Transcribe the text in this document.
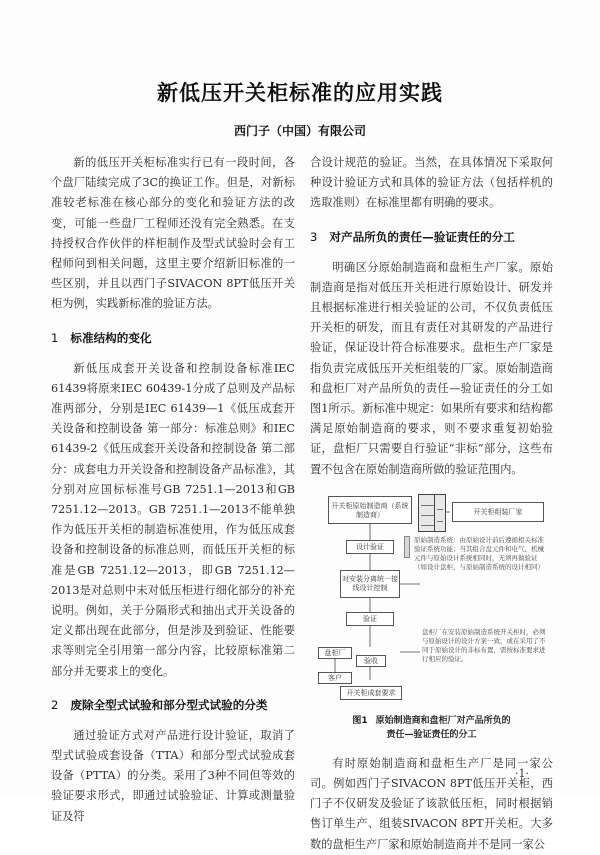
新低压开关柜标准的应用实践
西门子（中国）有限公司

新的低压开关柜标准实行已有一段时间，各个盘厂陆续完成了3C的换证工作。但是，对新标准较老标准在核心部分的变化和验证方法的改变，可能一些盘厂工程师还没有完全熟悉。在支持授权合作伙伴的样柜制作及型式试验时会有工程师问到相关问题，这里主要介绍新旧标准的一些区别，并且以西门子SIVACON 8PT低压开关柜为例，实践新标准的验证方法。

1 标准结构的变化

新低压成套开关设备和控制设备标准IEC 61439将原来IEC 60439-1分成了总则及产品标准两部分，分别是IEC 61439—1《低压成套开关设备和控制设备 第一部分：标准总则》和IEC 61439-2《低压成套开关设备和控制设备 第二部分：成套电力开关设备和控制设备产品标准》，其分别对应国标标准号GB 7251.1—2013和GB 7251.12—2013。GB 7251.1—2013不能单独作为低压开关柜的制造标准使用，作为低压成套设备和控制设备的标准总则，而低压开关柜的标准是GB 7251.12—2013，即GB 7251.12—2013是对总则中未对低压柜进行细化部分的补充说明。例如，关于分隔形式和抽出式开关设备的定义都出现在此部分，但是涉及到验证、性能要求等则完全引用第一部分内容，比较原标准第二部分并无要求上的变化。

2 废除全型式试验和部分型式试验的分类

通过验证方式对产品进行设计验证，取消了型式试验成套设备（TTA）和部分型式试验成套设备（PTTA）的分类。采用了3种不同但等效的验证要求形式，即通过试验验证、计算或测量验证及符

合设计规范的验证。当然，在具体情况下采取何种设计验证方式和具体的验证方法（包括样机的选取准则）在标准里都有明确的要求。

3 对产品所负的责任—验证责任的分工

明确区分原始制造商和盘柜生产厂家。原始制造商是指对低压开关柜进行原始设计、研发并且根据标准进行相关验证的公司，不仅负责低压开关柜的研发，而且有责任对其研发的产品进行验证，保证设计符合标准要求。盘柜生产厂家是指负责完成低压开关柜组装的厂家。原始制造商和盘柜厂对产品所负的责任—验证责任的分工如图1所示。新标准中规定：如果所有要求和结构都满足原始制造商的要求，则不要求重复初始验证，盘柜厂只需要自行验证“非标”部分，这些布置不包含在原始制造商所做的验证范围内。

开关柜原始制造商（系统制造商）	开关柜组装厂家
设计验证
原始制造系统：由原始设计前后遵循相关标准验证系统功能；当其组合盘元件和电气、机械元件与原始设计系统相同时，无须再做验证（如设计盘柜，与原始制造系统的设计相同）
对安装分离统一接线设计控制
验证
盘柜厂在安装原始制造系统开关柜时，必须与原始设计的设计方案一致，或在采用了不同于原始设计的非标布置，需按标准要求进行相应的验证。
盘柜厂
验收
客户
开关柜成套要求
图1 原始制造商和盘柜厂对产品所负的
责任—验证责任的分工

有时原始制造商和盘柜生产厂是同一家公司。例如西门子SIVACON 8PT低压开关柜，西门子不仅研发及验证了该款低压柜，同时根据销售订单生产、组装SIVACON 8PT开关柜。大多数的盘柜生产厂家和原始制造商并不是同一家公

·1·
